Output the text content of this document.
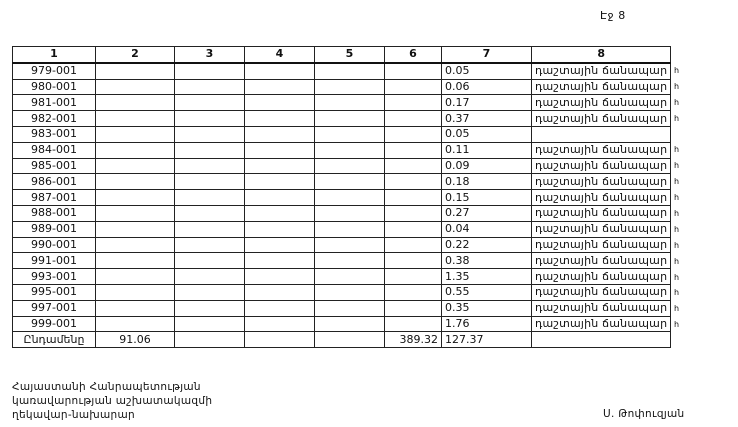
Էջ 8
1	2	3	4	5	6	7	8
979-001						0.05	դաշտային ճանապար
980-001						0.06	դաշտային ճանապար
981-001						0.17	դաշտային ճանապար
982-001						0.37	դաշտային ճանապար
983-001						0.05	
984-001						0.11	դաշտային ճանապար
985-001						0.09	դաշտային ճանապար
986-001						0.18	դաշտային ճանապար
987-001						0.15	դաշտային ճանապար
988-001						0.27	դաշտային ճանապար
989-001						0.04	դաշտային ճանապար
990-001						0.22	դաշտային ճանապար
991-001						0.38	դաշտային ճանապար
993-001						1.35	դաշտային ճանապար
995-001						0.55	դաշտային ճանապար
997-001						0.35	դաշտային ճանապար
999-001						1.76	դաշտային ճանապար
Ընդամենը	91.06				389.32	127.37	
հ
հ
հ
հ
հ
հ
հ
հ
հ
հ
հ
հ
հ
հ
հ
հ
Հայաստանի Հանրապետության
կառավարության աշխատակազմի
ղեկավար-նախարար	Ս. Թոփուզյան
